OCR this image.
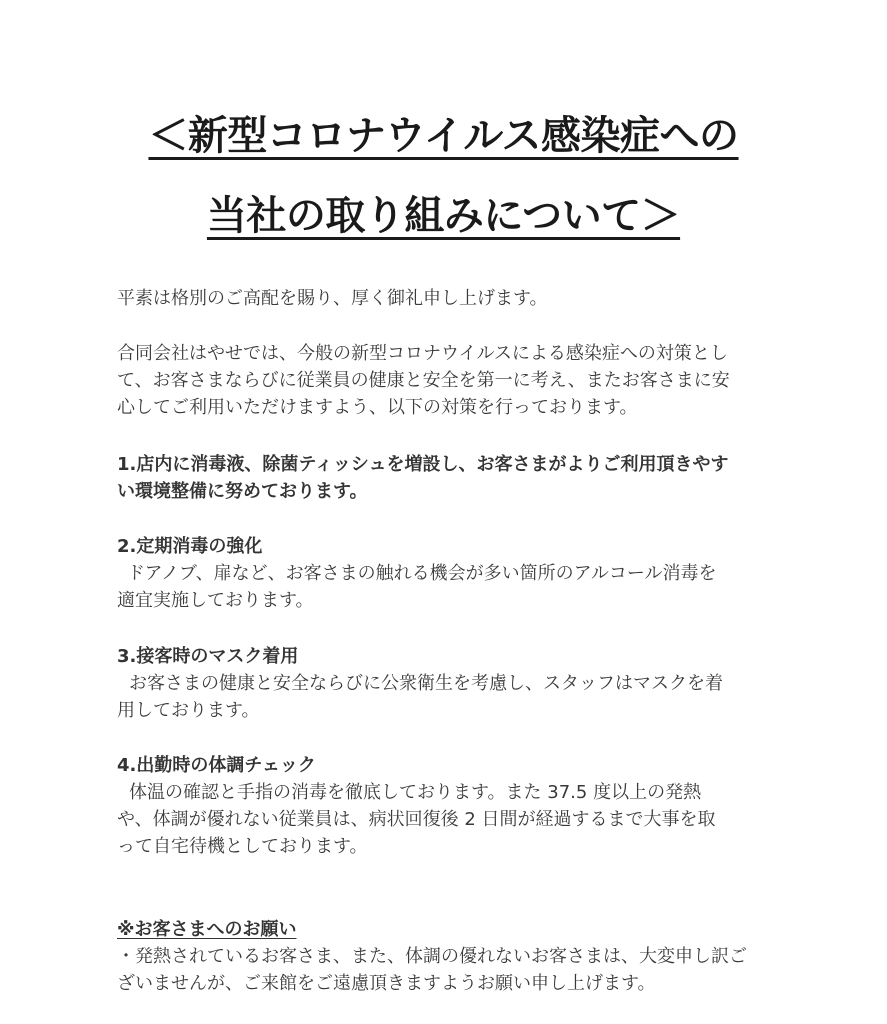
＜新型コロナウイルス感染症への
当社の取り組みについて＞
平素は格別のご高配を賜り、厚く御礼申し上げます。
合同会社はやせでは、今般の新型コロナウイルスによる感染症への対策とし
て、お客さまならびに従業員の健康と安全を第一に考え、またお客さまに安
心してご利用いただけますよう、以下の対策を行っております。
1.店内に消毒液、除菌ティッシュを増設し、お客さまがよりご利用頂きやす
い環境整備に努めております。
2.定期消毒の強化
ドアノブ、扉など、お客さまの触れる機会が多い箇所のアルコール消毒を
適宜実施しております。
3.接客時のマスク着用
お客さまの健康と安全ならびに公衆衛生を考慮し、スタッフはマスクを着
用しております。
4.出勤時の体調チェック
体温の確認と手指の消毒を徹底しております。また 37.5 度以上の発熱
や、体調が優れない従業員は、病状回復後 2 日間が経過するまで大事を取
って自宅待機としております。
※お客さまへのお願い
・発熱されているお客さま、また、体調の優れないお客さまは、大変申し訳ご
ざいませんが、ご来館をご遠慮頂きますようお願い申し上げます。
